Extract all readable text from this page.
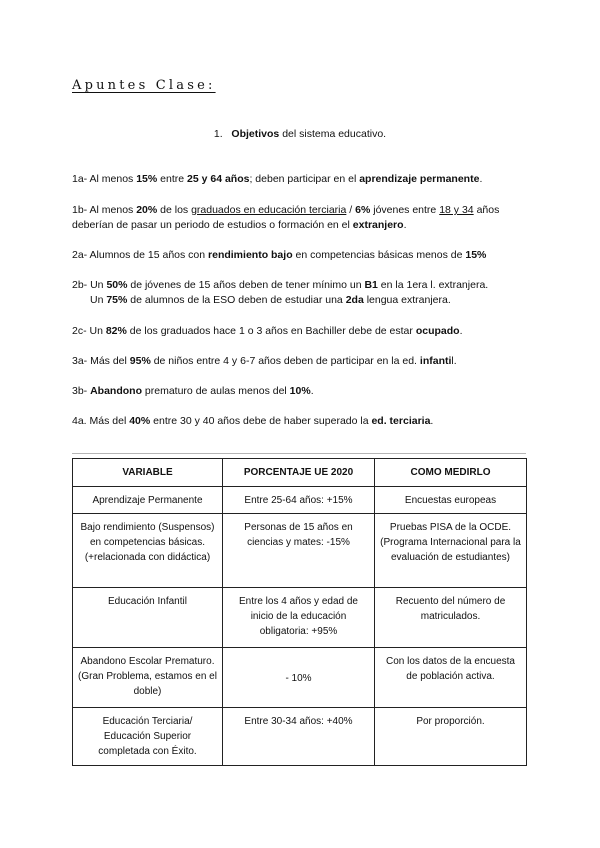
Apuntes Clase:
1. Objetivos del sistema educativo.
1a- Al menos 15% entre 25 y 64 años; deben participar en el aprendizaje permanente.
1b- Al menos 20% de los graduados en educación terciaria / 6% jóvenes entre 18 y 34 años deberían de pasar un periodo de estudios o formación en el extranjero.
2a- Alumnos de 15 años con rendimiento bajo en competencias básicas menos de 15%
2b- Un 50% de jóvenes de 15 años deben de tener mínimo un B1 en la 1era l. extranjera.
Un 75% de alumnos de la ESO deben de estudiar una 2da lengua extranjera.
2c- Un 82% de los graduados hace 1 o 3 años en Bachiller debe de estar ocupado.
3a- Más del 95% de niños entre 4 y 6-7 años deben de participar en la ed. infantil.
3b- Abandono prematuro de aulas menos del 10%.
4a. Más del 40% entre 30 y 40 años debe de haber superado la ed. terciaria.
VARIABLE	PORCENTAJE UE 2020	COMO MEDIRLO
Aprendizaje Permanente	Entre 25-64 años: +15%	Encuestas europeas
Bajo rendimiento (Suspensos) en competencias básicas. (+relacionada con didáctica)	Personas de 15 años en ciencias y mates: -15%	Pruebas PISA de la OCDE. (Programa Internacional para la evaluación de estudiantes)
Educación Infantil	Entre los 4 años y edad de inicio de la educación obligatoria: +95%	Recuento del número de matriculados.
Abandono Escolar Prematuro. (Gran Problema, estamos en el doble)	- 10%	Con los datos de la encuesta de población activa.
Educación Terciaria/ Educación Superior completada con Éxito.	Entre 30-34 años: +40%	Por proporción.
